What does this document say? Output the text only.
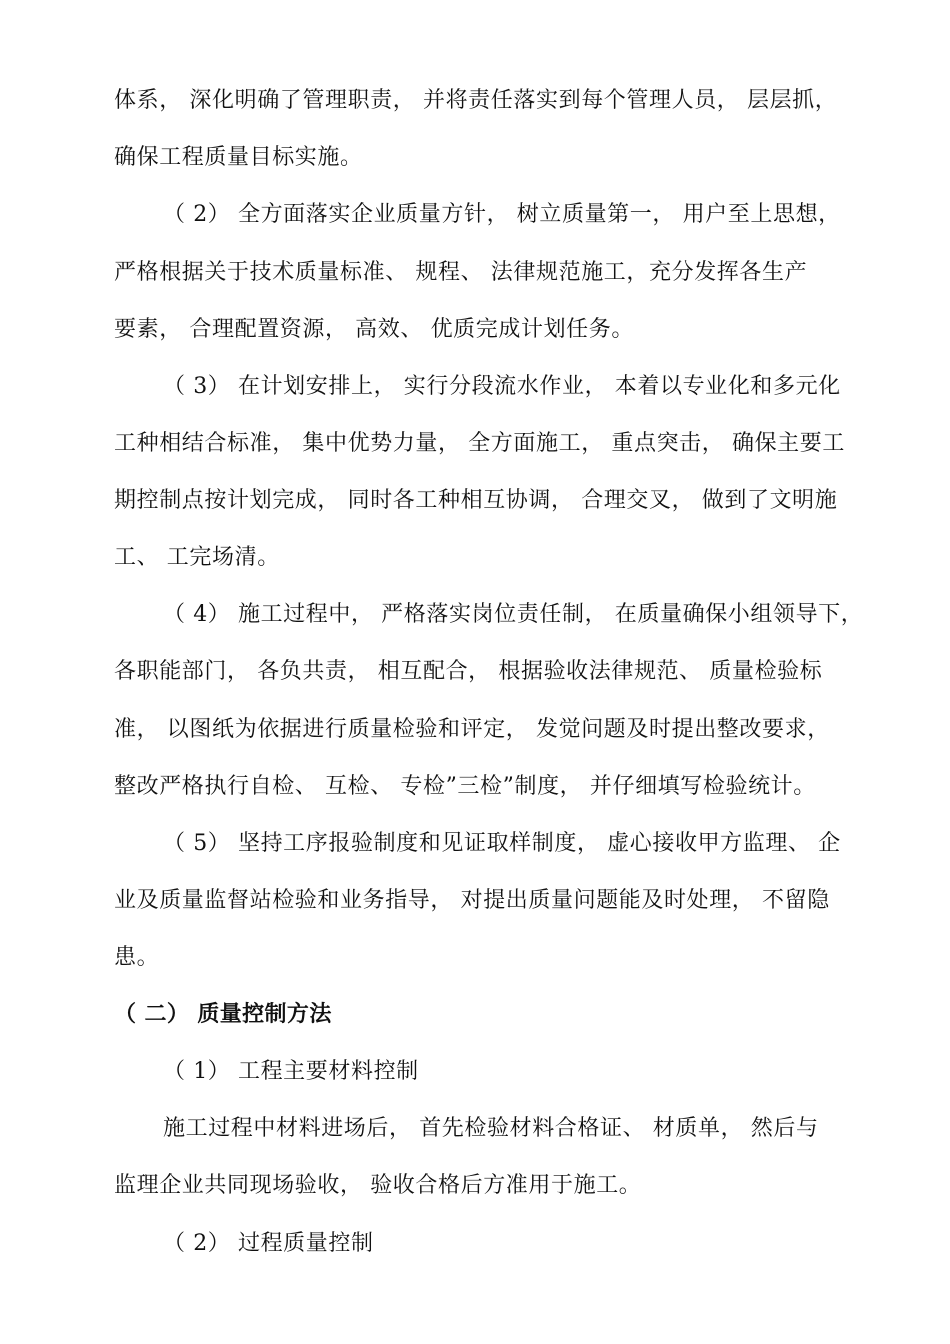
体系， 深化明确了管理职责， 并将责任落实到每个管理人员， 层层抓，
确保工程质量目标实施。
（ 2） 全方面落实企业质量方针， 树立质量第一， 用户至上思想，
严格根据关于技术质量标准、 规程、 法律规范施工，充分发挥各生产
要素， 合理配置资源， 高效、 优质完成计划任务。
（ 3） 在计划安排上， 实行分段流水作业， 本着以专业化和多元化
工种相结合标准， 集中优势力量， 全方面施工， 重点突击， 确保主要工
期控制点按计划完成， 同时各工种相互协调， 合理交叉， 做到了文明施
工、 工完场清。
（ 4） 施工过程中， 严格落实岗位责任制， 在质量确保小组领导下，
各职能部门， 各负共责， 相互配合， 根据验收法律规范、 质量检验标
准， 以图纸为依据进行质量检验和评定， 发觉问题及时提出整改要求，
整改严格执行自检、 互检、 专检”三检”制度， 并仔细填写检验统计。
（ 5） 坚持工序报验制度和见证取样制度， 虚心接收甲方监理、 企
业及质量监督站检验和业务指导， 对提出质量问题能及时处理， 不留隐
患。
（ 二） 质量控制方法
（ 1） 工程主要材料控制
施工过程中材料进场后， 首先检验材料合格证、 材质单， 然后与
监理企业共同现场验收， 验收合格后方准用于施工。
（ 2） 过程质量控制
